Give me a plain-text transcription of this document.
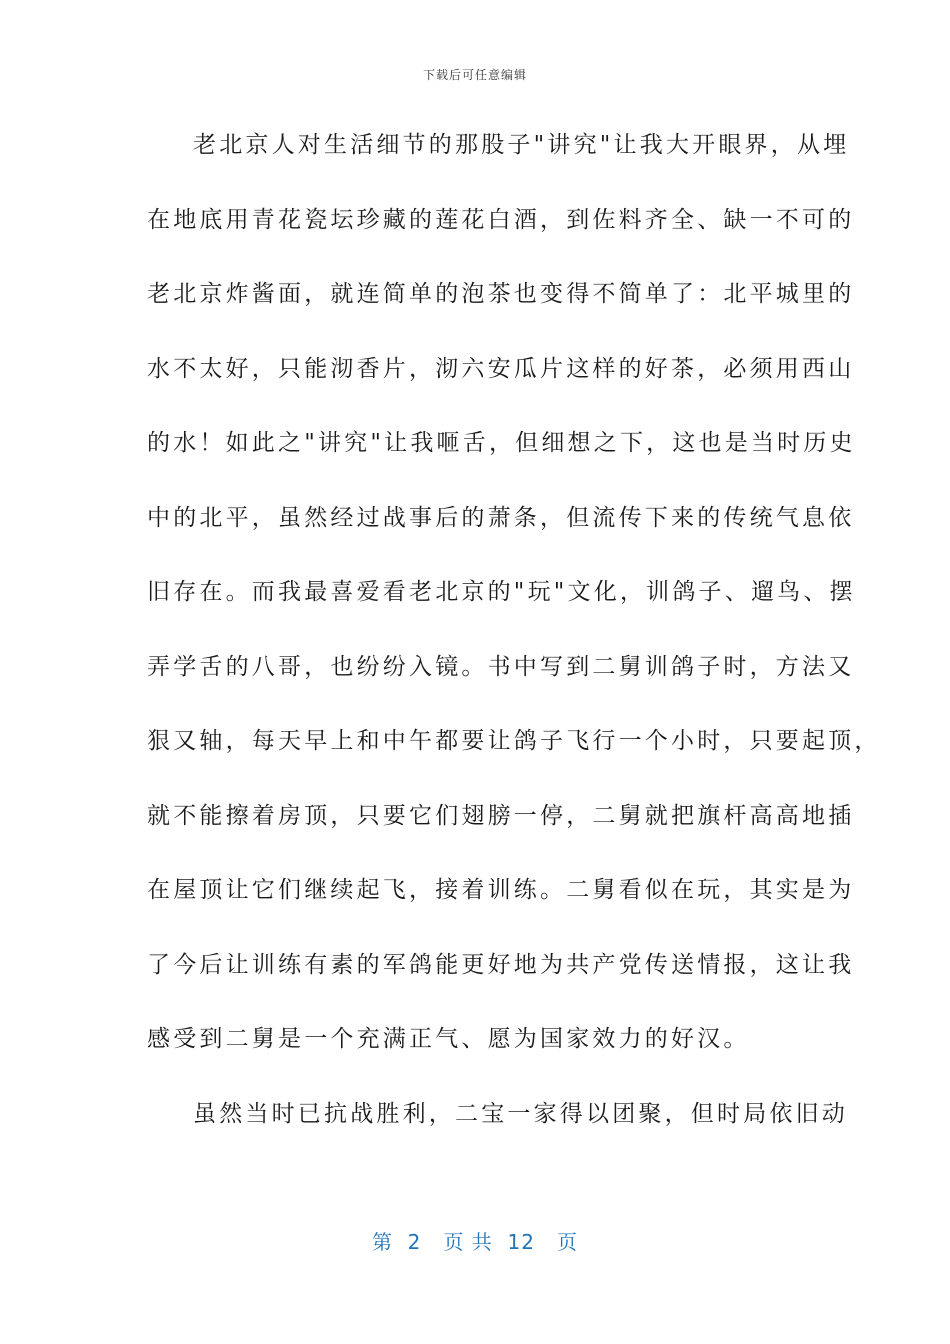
下载后可任意编辑
老北京人对生活细节的那股子"讲究"让我大开眼界，从埋
在地底用青花瓷坛珍藏的莲花白酒，到佐料齐全、缺一不可的
老北京炸酱面，就连简单的泡茶也变得不简单了：北平城里的
水不太好，只能沏香片，沏六安瓜片这样的好茶，必须用西山
的水！如此之"讲究"让我咂舌，但细想之下，这也是当时历史
中的北平，虽然经过战事后的萧条，但流传下来的传统气息依
旧存在。而我最喜爱看老北京的"玩"文化，训鸽子、遛鸟、摆
弄学舌的八哥，也纷纷入镜。书中写到二舅训鸽子时，方法又
狠又轴，每天早上和中午都要让鸽子飞行一个小时，只要起顶，
就不能擦着房顶，只要它们翅膀一停，二舅就把旗杆高高地插
在屋顶让它们继续起飞，接着训练。二舅看似在玩，其实是为
了今后让训练有素的军鸽能更好地为共产党传送情报，这让我
感受到二舅是一个充满正气、愿为国家效力的好汉。
虽然当时已抗战胜利，二宝一家得以团聚，但时局依旧动
第  2   页 共  12   页
